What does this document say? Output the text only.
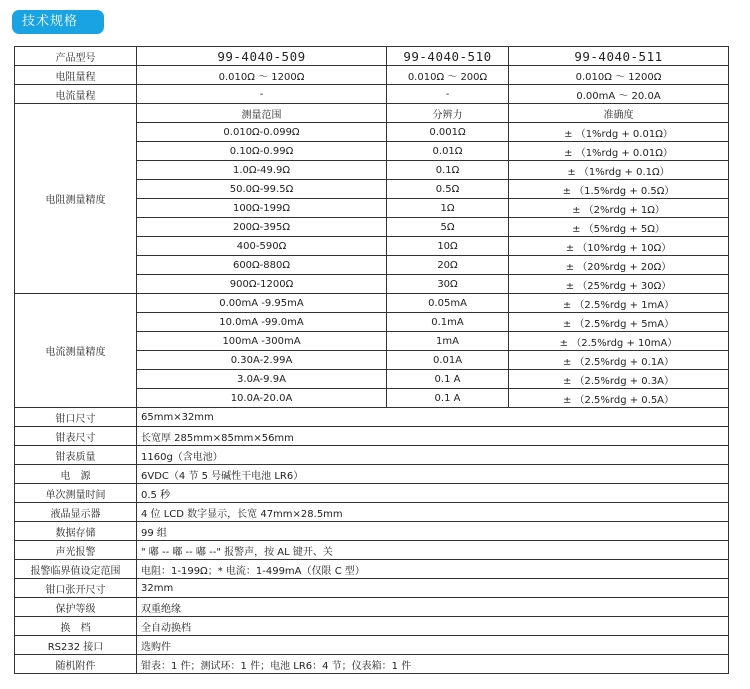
技术规格
产品型号	99-4040-509	99-4040-510	99-4040-511
电阻量程	0.010Ω ～ 1200Ω	0.010Ω ～ 200Ω	0.010Ω ～ 1200Ω
电流量程	-	-	0.00mA ～ 20.0A
电阻测量精度	测量范围	分辨力	准确度
	0.010Ω-0.099Ω	0.001Ω	± （1%rdg + 0.01Ω）
	0.10Ω-0.99Ω	0.01Ω	± （1%rdg + 0.01Ω）
	1.0Ω-49.9Ω	0.1Ω	± （1%rdg + 0.1Ω）
	50.0Ω-99.5Ω	0.5Ω	± （1.5%rdg + 0.5Ω）
	100Ω-199Ω	1Ω	± （2%rdg + 1Ω）
	200Ω-395Ω	5Ω	± （5%rdg + 5Ω）
	400-590Ω	10Ω	± （10%rdg + 10Ω）
	600Ω-880Ω	20Ω	± （20%rdg + 20Ω）
	900Ω-1200Ω	30Ω	± （25%rdg + 30Ω）
电流测量精度	0.00mA -9.95mA	0.05mA	± （2.5%rdg + 1mA）
	10.0mA -99.0mA	0.1mA	± （2.5%rdg + 5mA）
	100mA -300mA	1mA	± （2.5%rdg + 10mA）
	0.30A-2.99A	0.01A	± （2.5%rdg + 0.1A）
	3.0A-9.9A	0.1 A	± （2.5%rdg + 0.3A）
	10.0A-20.0A	0.1 A	± （2.5%rdg + 0.5A）
钳口尺寸	65mm×32mm		
钳表尺寸	长宽厚 285mm×85mm×56mm		
钳表质量	1160g（含电池）		
电　源	6VDC（4 节 5 号碱性干电池 LR6）		
单次测量时间	0.5 秒		
液晶显示器	4 位 LCD 数字显示，长宽 47mm×28.5mm		
数据存储	99 组		
声光报警	" 嘟 -- 嘟 -- 嘟 --" 报警声，按 AL 键开、关		
报警临界值设定范围	电阻：1-199Ω；* 电流：1-499mA（仅限 C 型）		
钳口张开尺寸	32mm		
保护等级	双重绝缘		
换　档	全自动换档		
RS232 接口	选购件		
随机附件	钳表：1 件；测试环：1 件；电池 LR6：4 节；仪表箱：1 件		
